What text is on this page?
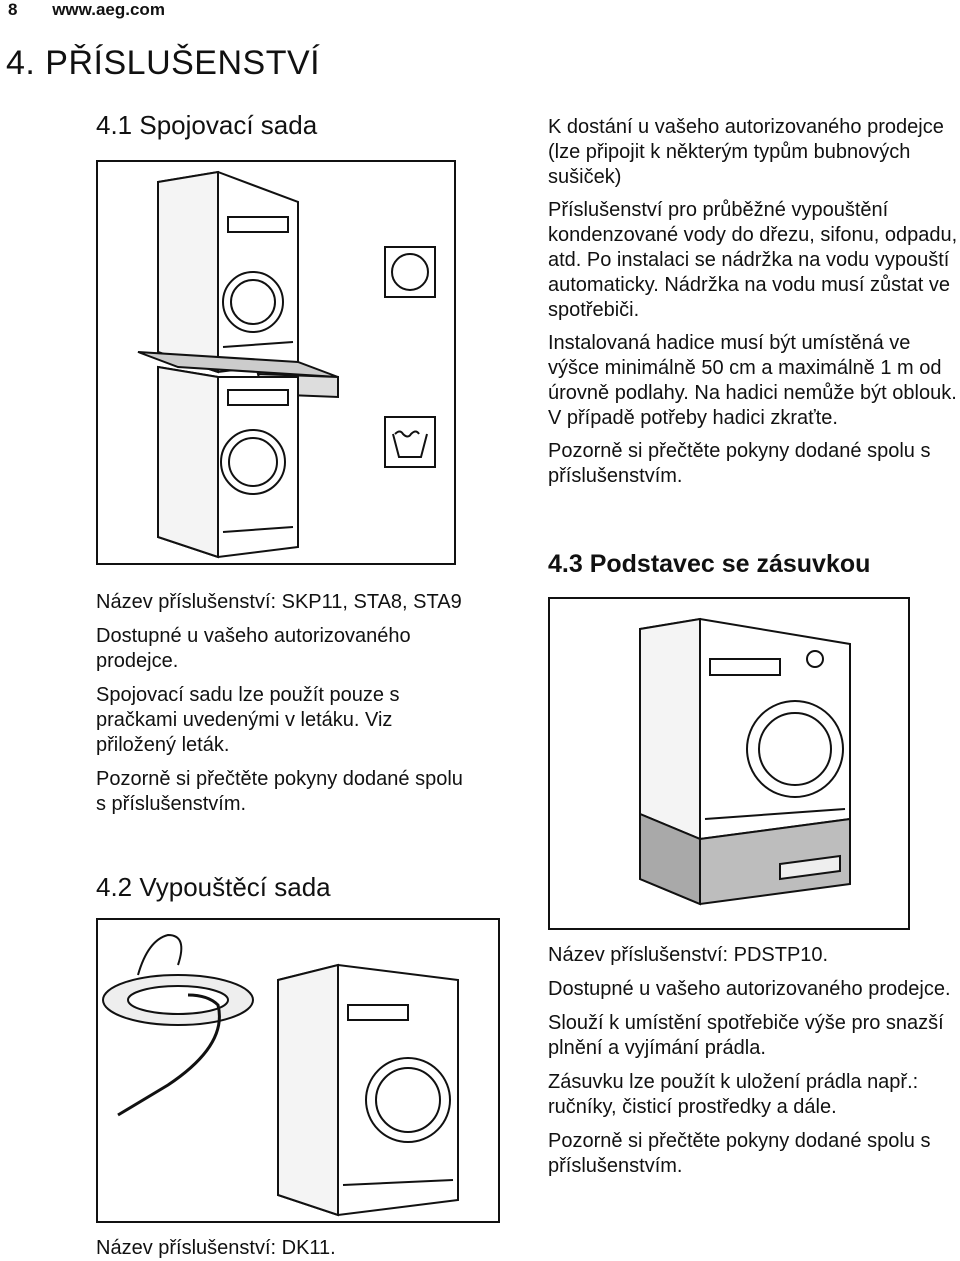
8 www.aeg.com
4. PŘÍSLUŠENSTVÍ
4.1 Spojovací sada
Název příslušenství: SKP11, STA8, STA9
Dostupné u vašeho autorizovaného prodejce.
Spojovací sadu lze použít pouze s pračkami uvedenými v letáku. Viz přiložený leták.
Pozorně si přečtěte pokyny dodané spolu s příslušenstvím.
4.2 Vypouštěcí sada
Název příslušenství: DK11.
K dostání u vašeho autorizovaného prodejce (lze připojit k některým typům bubnových sušiček)
Příslušenství pro průběžné vypouštění kondenzované vody do dřezu, sifonu, odpadu, atd. Po instalaci se nádržka na vodu vypouští automaticky. Nádržka na vodu musí zůstat ve spotřebiči.
Instalovaná hadice musí být umístěná ve výšce minimálně 50 cm a maximálně 1 m od úrovně podlahy. Na hadici nemůže být oblouk. V případě potřeby hadici zkraťte.
Pozorně si přečtěte pokyny dodané spolu s příslušenstvím.
4.3 Podstavec se zásuvkou
Název příslušenství: PDSTP10.
Dostupné u vašeho autorizovaného prodejce.
Slouží k umístění spotřebiče výše pro snazší plnění a vyjímání prádla.
Zásuvku lze použít k uložení prádla např.: ručníky, čisticí prostředky a dále.
Pozorně si přečtěte pokyny dodané spolu s příslušenstvím.
